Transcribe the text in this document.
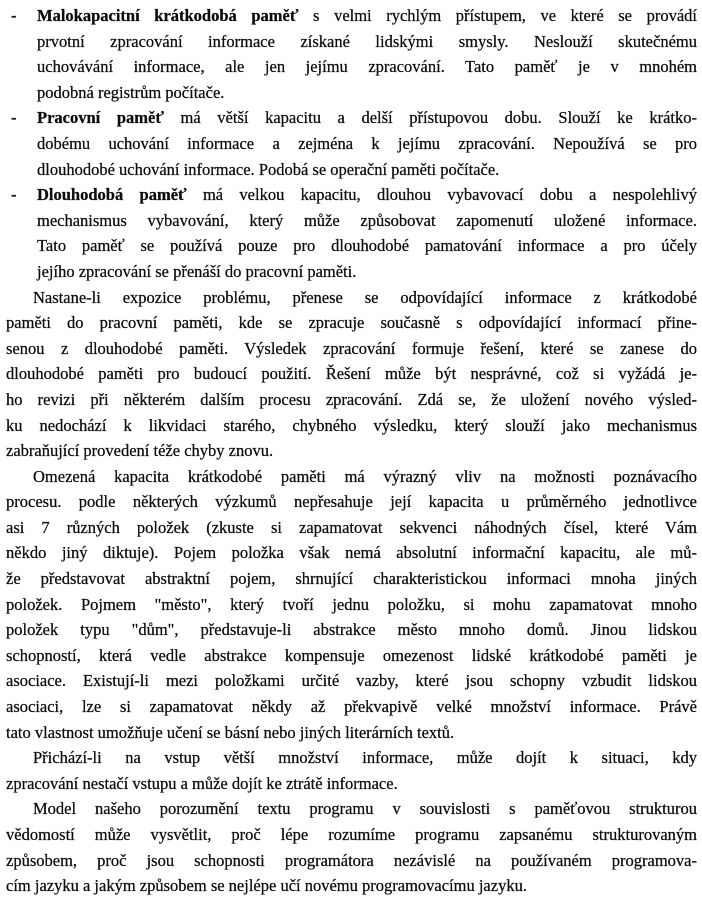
-	Malokapacitní krátkodobá paměť s velmi rychlým přístupem, ve které se provádí
prvotní zpracování informace získané lidskými smysly. Neslouží skutečnému
uchovávání informace, ale jen jejímu zpracování. Tato paměť je v mnohém
podobná registrům počítače.
-	Pracovní paměť má větší kapacitu a delší přístupovou dobu. Slouží ke krátko-
dobému uchování informace a zejména k jejímu zpracování. Nepoužívá se pro
dlouhodobé uchování informace. Podobá se operační paměti počítače.
-	Dlouhodobá paměť má velkou kapacitu, dlouhou vybavovací dobu a nespolehlivý
mechanismus vybavování, který může způsobovat zapomenutí uložené informace.
Tato paměť se používá pouze pro dlouhodobé pamatování informace a pro účely
jejího zpracování se přenáší do pracovní paměti.
Nastane-li expozice problému, přenese se odpovídající informace z krátkodobé
paměti do pracovní paměti, kde se zpracuje současně s odpovídající informací přine-
senou z dlouhodobé paměti. Výsledek zpracování formuje řešení, které se zanese do
dlouhodobé paměti pro budoucí použití. Řešení může být nesprávné, což si vyžádá je-
ho revizi při některém dalším procesu zpracování. Zdá se, že uložení nového výsled-
ku nedochází k likvidaci starého, chybného výsledku, který slouží jako mechanismus
zabraňující provedení téže chyby znovu.
Omezená kapacita krátkodobé paměti má výrazný vliv na možnosti poznávacího
procesu. podle některých výzkumů nepřesahuje její kapacita u průměrného jednotlivce
asi 7 různých položek (zkuste si zapamatovat sekvenci náhodných čísel, které Vám
někdo jiný diktuje). Pojem položka však nemá absolutní informační kapacitu, ale mů-
že představovat abstraktní pojem, shrnující charakteristickou informaci mnoha jiných
položek. Pojmem "město", který tvoří jednu položku, si mohu zapamatovat mnoho
položek typu "dům", představuje-li abstrakce město mnoho domů. Jinou lidskou
schopností, která vedle abstrakce kompensuje omezenost lidské krátkodobé paměti je
asociace. Existují-li mezi položkami určité vazby, které jsou schopny vzbudit lidskou
asociaci, lze si zapamatovat někdy až překvapivě velké množství informace. Právě
tato vlastnost umožňuje učení se básní nebo jiných literárních textů.
Přichází-li na vstup větší množství informace, může dojít k situaci, kdy
zpracování nestačí vstupu a může dojít ke ztrátě informace.
Model našeho porozumění textu programu v souvislosti s paměťovou strukturou
vědomostí může vysvětlit, proč lépe rozumíme programu zapsanému strukturovaným
způsobem, proč jsou schopnosti programátora nezávislé na používaném programova-
cím jazyku a jakým způsobem se nejlépe učí novému programovacímu jazyku.
